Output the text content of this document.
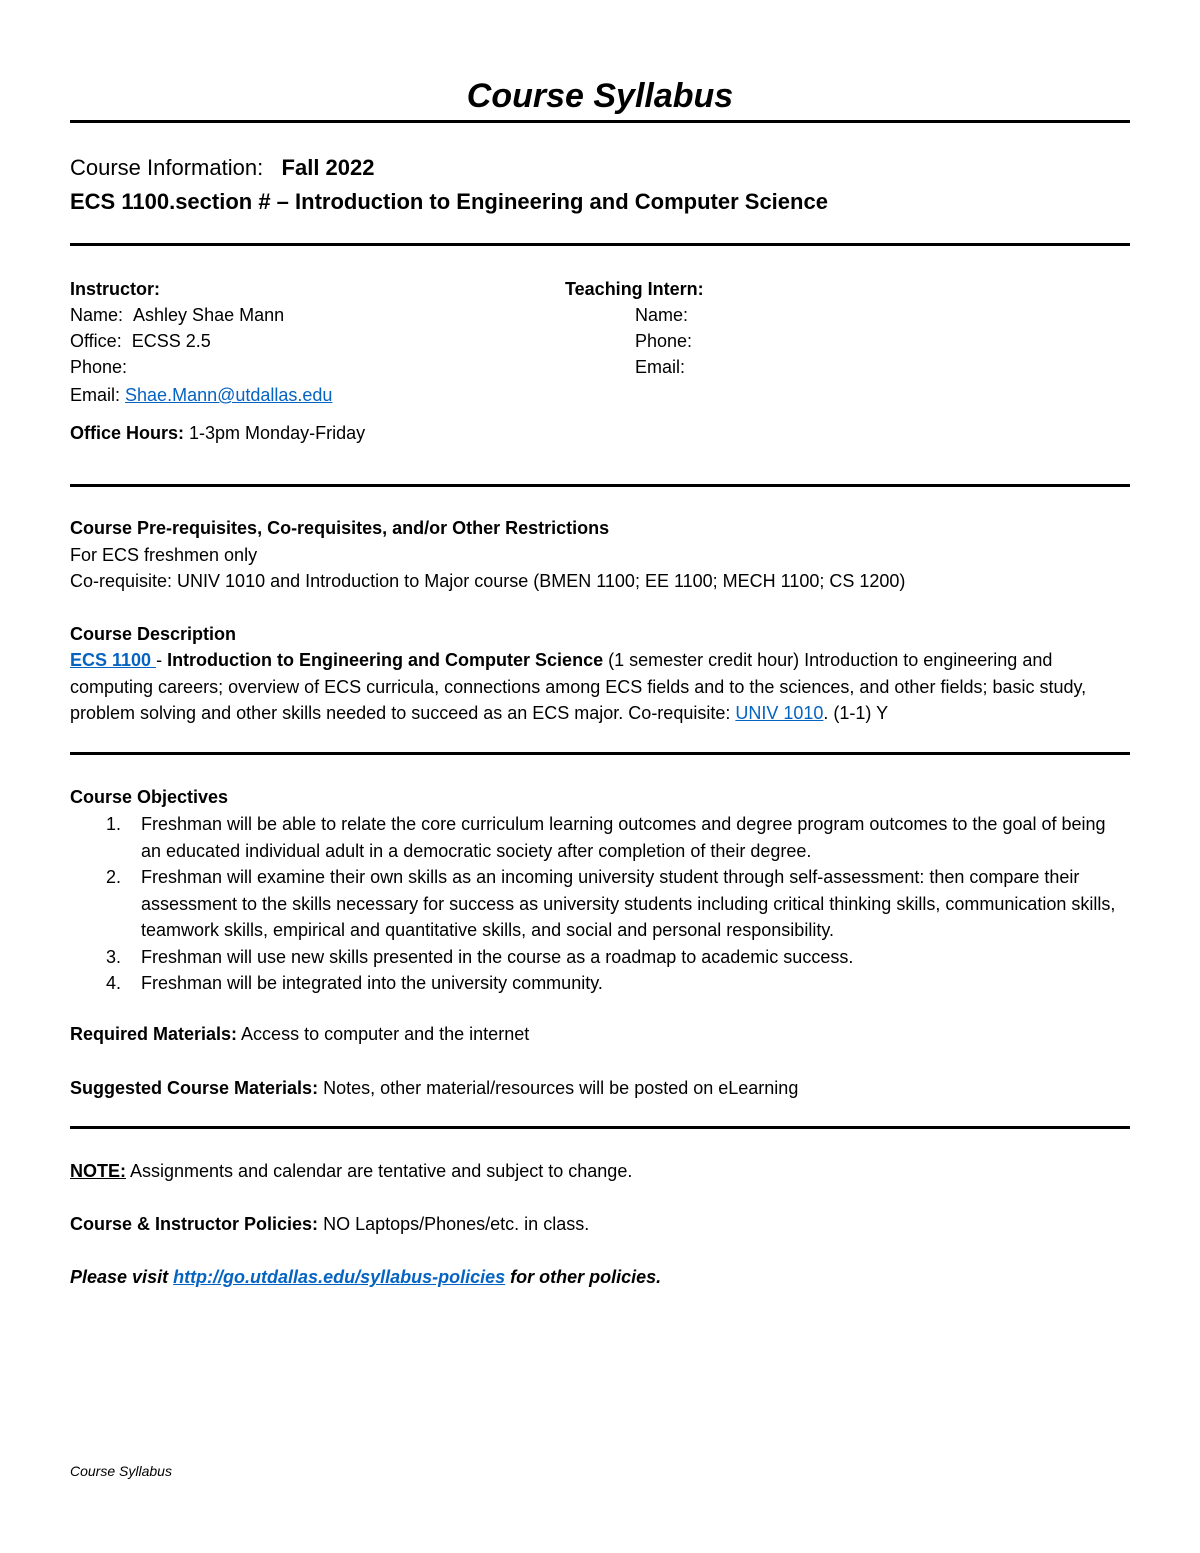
Course Syllabus
Course Information: Fall 2022
ECS 1100.section # – Introduction to Engineering and Computer Science
Instructor:
Name: Ashley Shae Mann
Office: ECSS 2.5
Phone:
Email: Shae.Mann@utdallas.edu
Office Hours: 1-3pm Monday-Friday
Teaching Intern:
Name:
Phone:
Email:
Course Pre-requisites, Co-requisites, and/or Other Restrictions
For ECS freshmen only
Co-requisite: UNIV 1010 and Introduction to Major course (BMEN 1100; EE 1100; MECH 1100; CS 1200)
Course Description
ECS 1100 - Introduction to Engineering and Computer Science (1 semester credit hour) Introduction to engineering and computing careers; overview of ECS curricula, connections among ECS fields and to the sciences, and other fields; basic study, problem solving and other skills needed to succeed as an ECS major. Co-requisite: UNIV 1010. (1-1) Y
Course Objectives
1. Freshman will be able to relate the core curriculum learning outcomes and degree program outcomes to the goal of being an educated individual adult in a democratic society after completion of their degree.
2. Freshman will examine their own skills as an incoming university student through self-assessment: then compare their assessment to the skills necessary for success as university students including critical thinking skills, communication skills, teamwork skills, empirical and quantitative skills, and social and personal responsibility.
3. Freshman will use new skills presented in the course as a roadmap to academic success.
4. Freshman will be integrated into the university community.
Required Materials: Access to computer and the internet
Suggested Course Materials: Notes, other material/resources will be posted on eLearning
NOTE: Assignments and calendar are tentative and subject to change.
Course & Instructor Policies: NO Laptops/Phones/etc. in class.
Please visit http://go.utdallas.edu/syllabus-policies for other policies.
Course Syllabus
